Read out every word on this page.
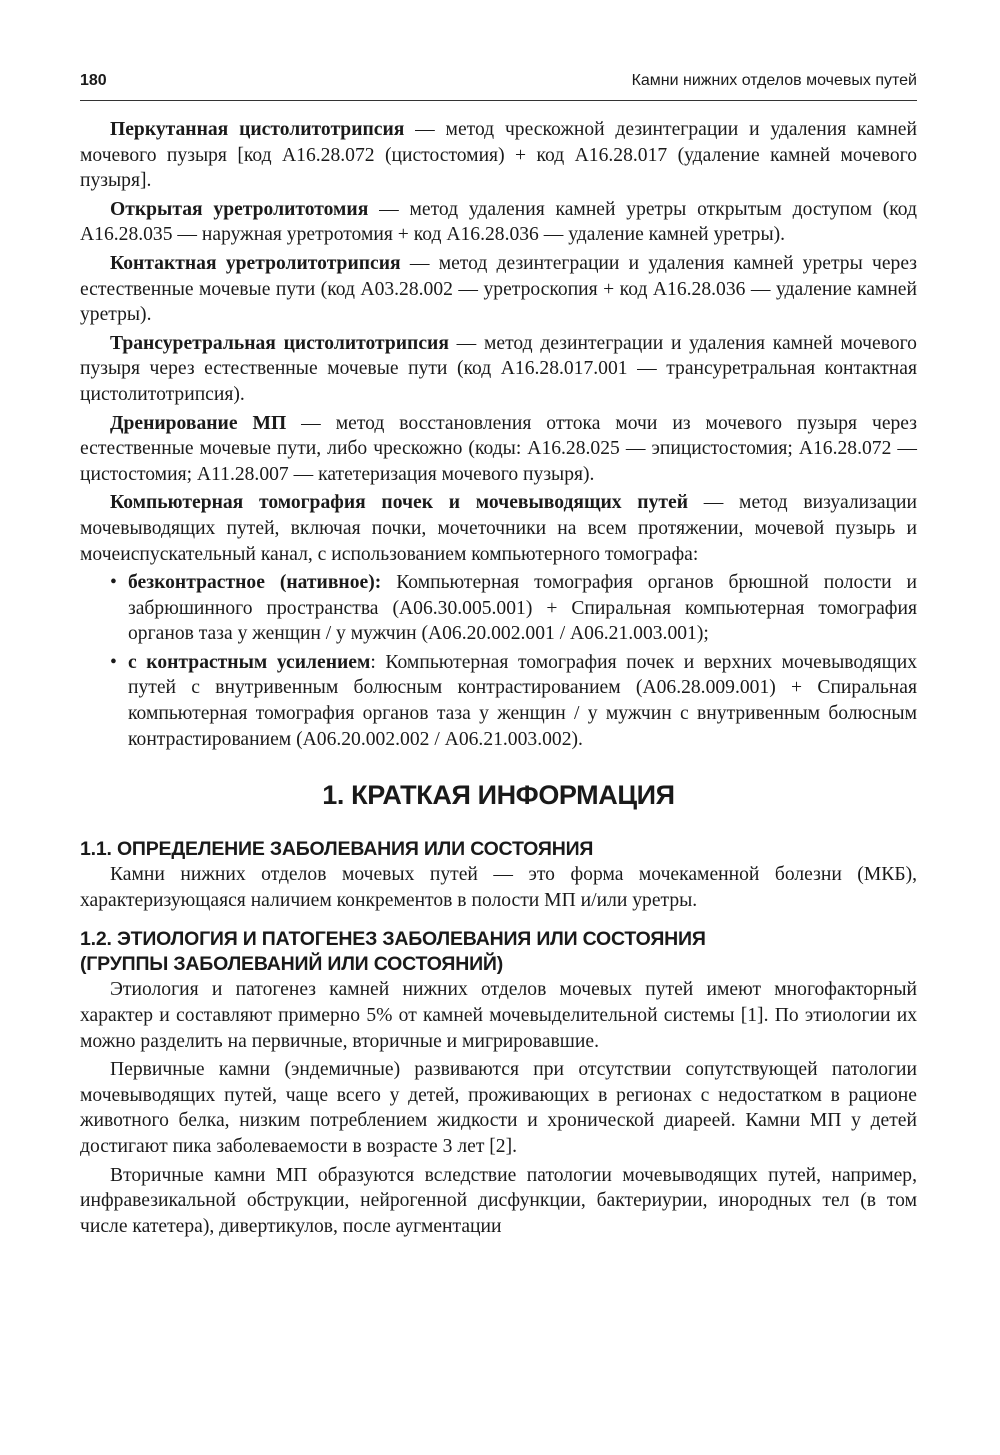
180	Камни нижних отделов мочевых путей

Перкутанная цистолитотрипсия — метод чрескожной дезинтеграции и удаления камней мочевого пузыря [код А16.28.072 (цистостомия) + код А16.28.017 (удаление камней мочевого пузыря].

Открытая уретролитотомия — метод удаления камней уретры открытым доступом (код А16.28.035 — наружная уретротомия + код А16.28.036 — удаление камней уретры).

Контактная уретролитотрипсия — метод дезинтеграции и удаления камней уретры через естественные мочевые пути (код А03.28.002 — уретроскопия + код А16.28.036 — удаление камней уретры).

Трансуретральная цистолитотрипсия — метод дезинтеграции и удаления камней мочевого пузыря через естественные мочевые пути (код А16.28.017.001 — трансуретральная контактная цистолитотрипсия).

Дренирование МП — метод восстановления оттока мочи из мочевого пузыря через естественные мочевые пути, либо чрескожно (коды: А16.28.025 — эпицистостомия; А16.28.072 — цистостомия; А11.28.007 — катетеризация мочевого пузыря).

Компьютерная томография почек и мочевыводящих путей — метод визуализации мочевыводящих путей, включая почки, мочеточники на всем протяжении, мочевой пузырь и мочеиспускательный канал, с использованием компьютерного томографа:

• безконтрастное (нативное): Компьютерная томография органов брюшной полости и забрюшинного пространства (А06.30.005.001) + Спиральная компьютерная томография органов таза у женщин / у мужчин (А06.20.002.001 / А06.21.003.001);
• с контрастным усилением: Компьютерная томография почек и верхних мочевыводящих путей с внутривенным болюсным контрастированием (А06.28.009.001) + Спиральная компьютерная томография органов таза у женщин / у мужчин с внутривенным болюсным контрастированием (А06.20.002.002 / А06.21.003.002).
1. КРАТКАЯ ИНФОРМАЦИЯ
1.1. ОПРЕДЕЛЕНИЕ ЗАБОЛЕВАНИЯ ИЛИ СОСТОЯНИЯ

Камни нижних отделов мочевых путей — это форма мочекаменной болезни (МКБ), характеризующаяся наличием конкрементов в полости МП и/или уретры.

1.2. ЭТИОЛОГИЯ И ПАТОГЕНЕЗ ЗАБОЛЕВАНИЯ ИЛИ СОСТОЯНИЯ
(ГРУППЫ ЗАБОЛЕВАНИЙ ИЛИ СОСТОЯНИЙ)

Этиология и патогенез камней нижних отделов мочевых путей имеют многофакторный характер и составляют примерно 5% от камней мочевыделительной системы [1]. По этиологии их можно разделить на первичные, вторичные и мигрировавшие.

Первичные камни (эндемичные) развиваются при отсутствии сопутствующей патологии мочевыводящих путей, чаще всего у детей, проживающих в регионах с недостатком в рационе животного белка, низким потреблением жидкости и хронической диареей. Камни МП у детей достигают пика заболеваемости в возрасте 3 лет [2].

Вторичные камни МП образуются вследствие патологии мочевыводящих путей, например, инфравезикальной обструкции, нейрогенной дисфункции, бактериурии, инородных тел (в том числе катетера), дивертикулов, после аугментации
